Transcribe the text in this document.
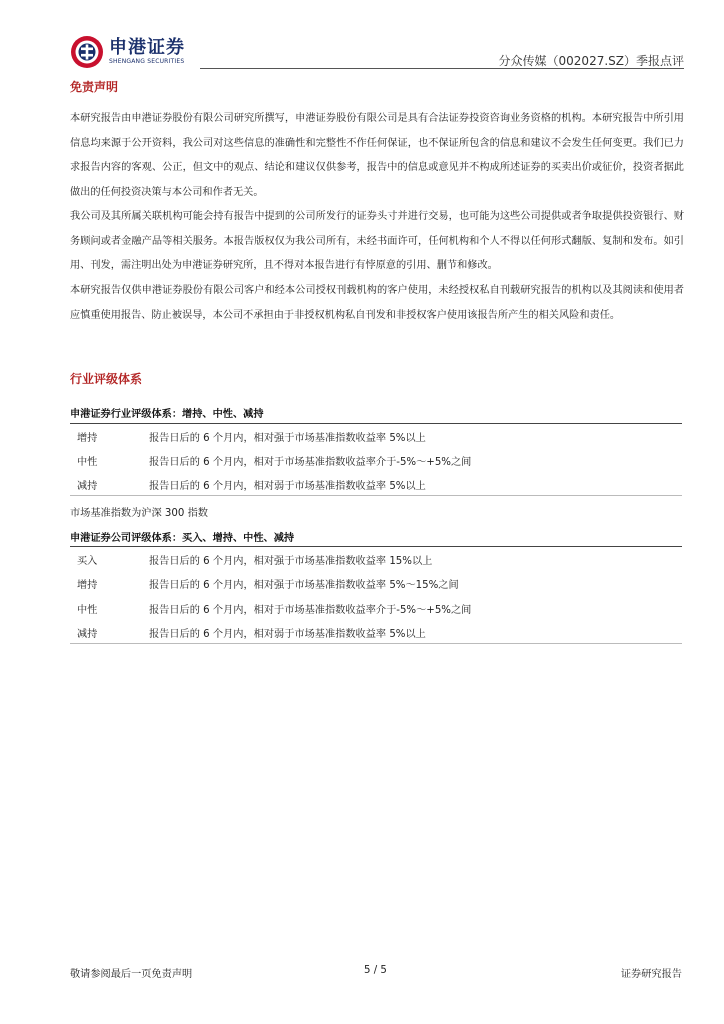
申港证券
SHENGANG SECURITIES	分众传媒（002027.SZ）季报点评
免责声明

本研究报告由申港证券股份有限公司研究所撰写，申港证券股份有限公司是具有合法证券投资咨询业务资格的机构。本研究报告中所引用信息均来源于公开资料，我公司对这些信息的准确性和完整性不作任何保证，也不保证所包含的信息和建议不会发生任何变更。我们已力求报告内容的客观、公正，但文中的观点、结论和建议仅供参考，报告中的信息或意见并不构成所述证券的买卖出价或征价，投资者据此做出的任何投资决策与本公司和作者无关。

我公司及其所属关联机构可能会持有报告中提到的公司所发行的证券头寸并进行交易，也可能为这些公司提供或者争取提供投资银行、财务顾问或者金融产品等相关服务。本报告版权仅为我公司所有，未经书面许可，任何机构和个人不得以任何形式翻版、复制和发布。如引用、刊发，需注明出处为申港证券研究所，且不得对本报告进行有悖原意的引用、删节和修改。

本研究报告仅供申港证券股份有限公司客户和经本公司授权刊载机构的客户使用，未经授权私自刊载研究报告的机构以及其阅读和使用者应慎重使用报告、防止被误导，本公司不承担由于非授权机构私自刊发和非授权客户使用该报告所产生的相关风险和责任。

行业评级体系
申港证券行业评级体系：增持、中性、减持
增持	报告日后的 6 个月内，相对强于市场基准指数收益率 5%以上
中性	报告日后的 6 个月内，相对于市场基准指数收益率介于-5%～+5%之间
减持	报告日后的 6 个月内，相对弱于市场基准指数收益率 5%以上
市场基准指数为沪深 300 指数
申港证券公司评级体系：买入、增持、中性、减持
买入	报告日后的 6 个月内，相对强于市场基准指数收益率 15%以上
增持	报告日后的 6 个月内，相对强于市场基准指数收益率 5%～15%之间
中性	报告日后的 6 个月内，相对于市场基准指数收益率介于-5%～+5%之间
减持	报告日后的 6 个月内，相对弱于市场基准指数收益率 5%以上
敬请参阅最后一页免责声明	5 / 5	证券研究报告
